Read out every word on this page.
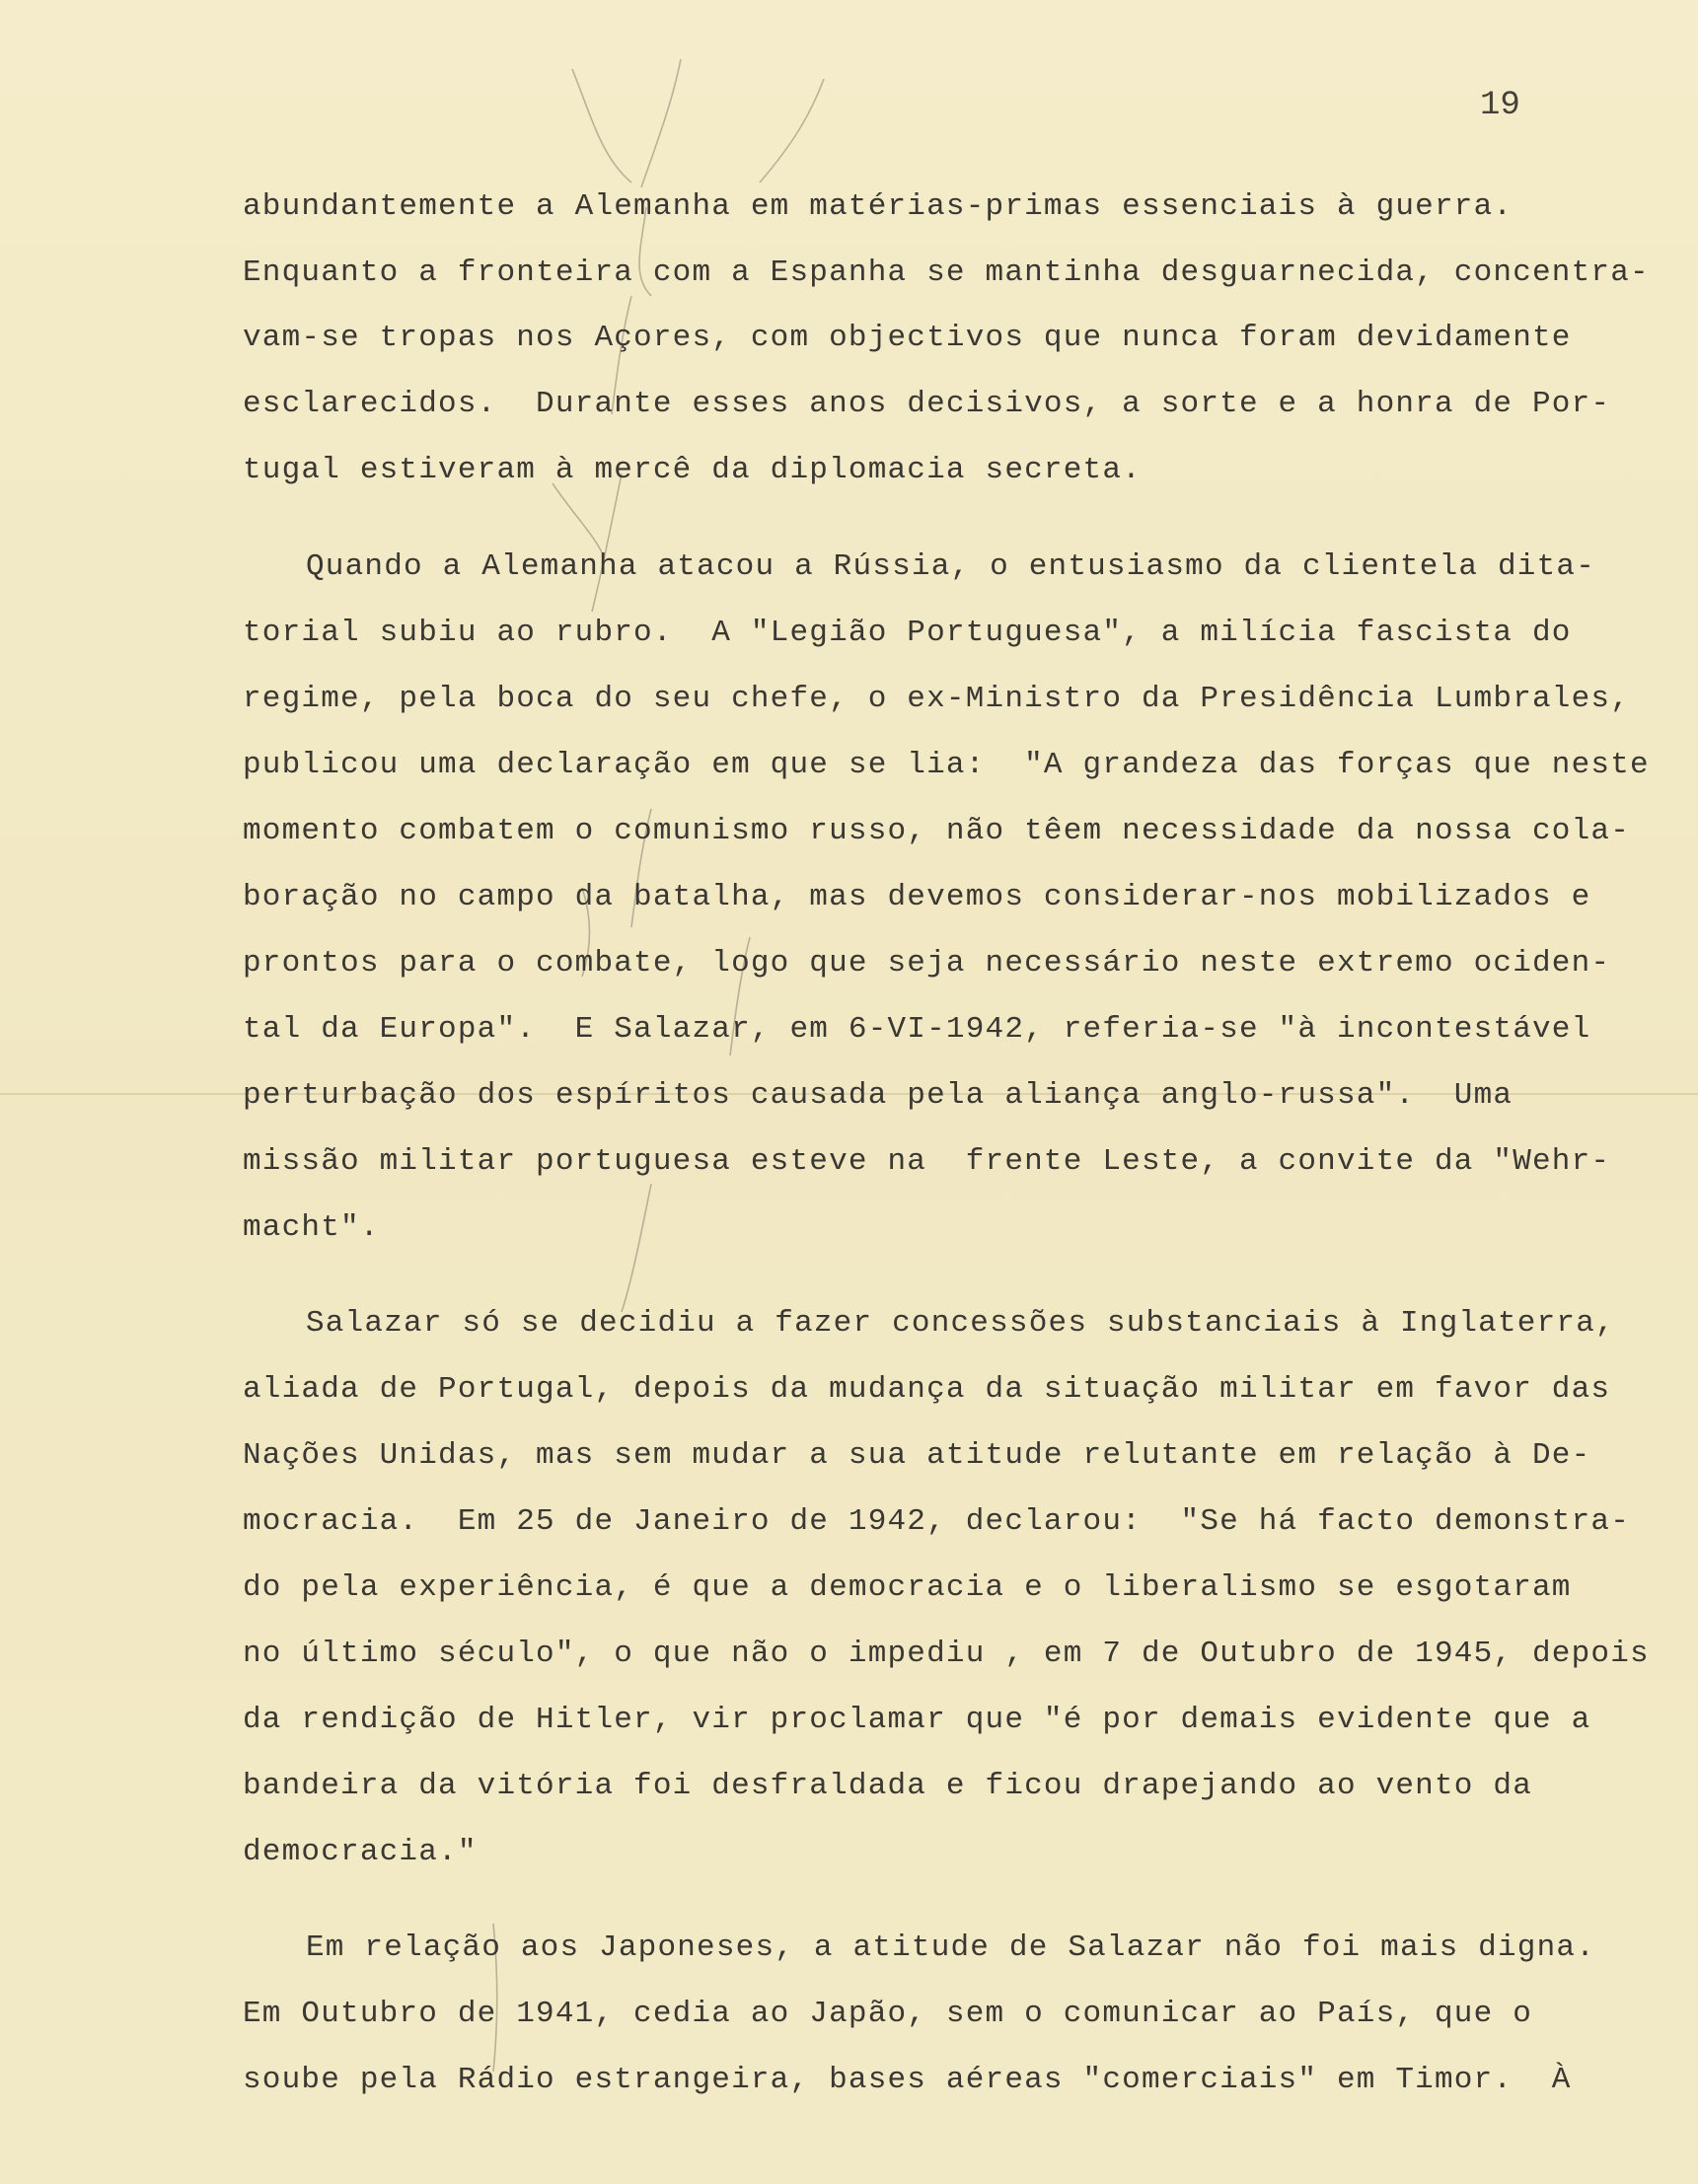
19
abundantemente a Alemanha em matérias-primas essenciais à guerra.
Enquanto a fronteira com a Espanha se mantinha desguarnecida, concentra-
vam-se tropas nos Açores, com objectivos que nunca foram devidamente
esclarecidos.  Durante esses anos decisivos, a sorte e a honra de Por-
tugal estiveram à mercê da diplomacia secreta.
Quando a Alemanha atacou a Rússia, o entusiasmo da clientela dita-
torial subiu ao rubro.  A "Legião Portuguesa", a milícia fascista do
regime, pela boca do seu chefe, o ex-Ministro da Presidência Lumbrales,
publicou uma declaração em que se lia:  "A grandeza das forças que neste
momento combatem o comunismo russo, não têem necessidade da nossa cola-
boração no campo da batalha, mas devemos considerar-nos mobilizados e
prontos para o combate, logo que seja necessário neste extremo ociden-
tal da Europa".  E Salazar, em 6-VI-1942, referia-se "à incontestável
perturbação dos espíritos causada pela aliança anglo-russa".  Uma
missão militar portuguesa esteve na  frente Leste, a convite da "Wehr-
macht".
Salazar só se decidiu a fazer concessões substanciais à Inglaterra,
aliada de Portugal, depois da mudança da situação militar em favor das
Nações Unidas, mas sem mudar a sua atitude relutante em relação à De-
mocracia.  Em 25 de Janeiro de 1942, declarou:  "Se há facto demonstra-
do pela experiência, é que a democracia e o liberalismo se esgotaram
no último século", o que não o impediu , em 7 de Outubro de 1945, depois
da rendição de Hitler, vir proclamar que "é por demais evidente que a
bandeira da vitória foi desfraldada e ficou drapejando ao vento da
democracia."
Em relação aos Japoneses, a atitude de Salazar não foi mais digna.
Em Outubro de 1941, cedia ao Japão, sem o comunicar ao País, que o
soube pela Rádio estrangeira, bases aéreas "comerciais" em Timor.  À
